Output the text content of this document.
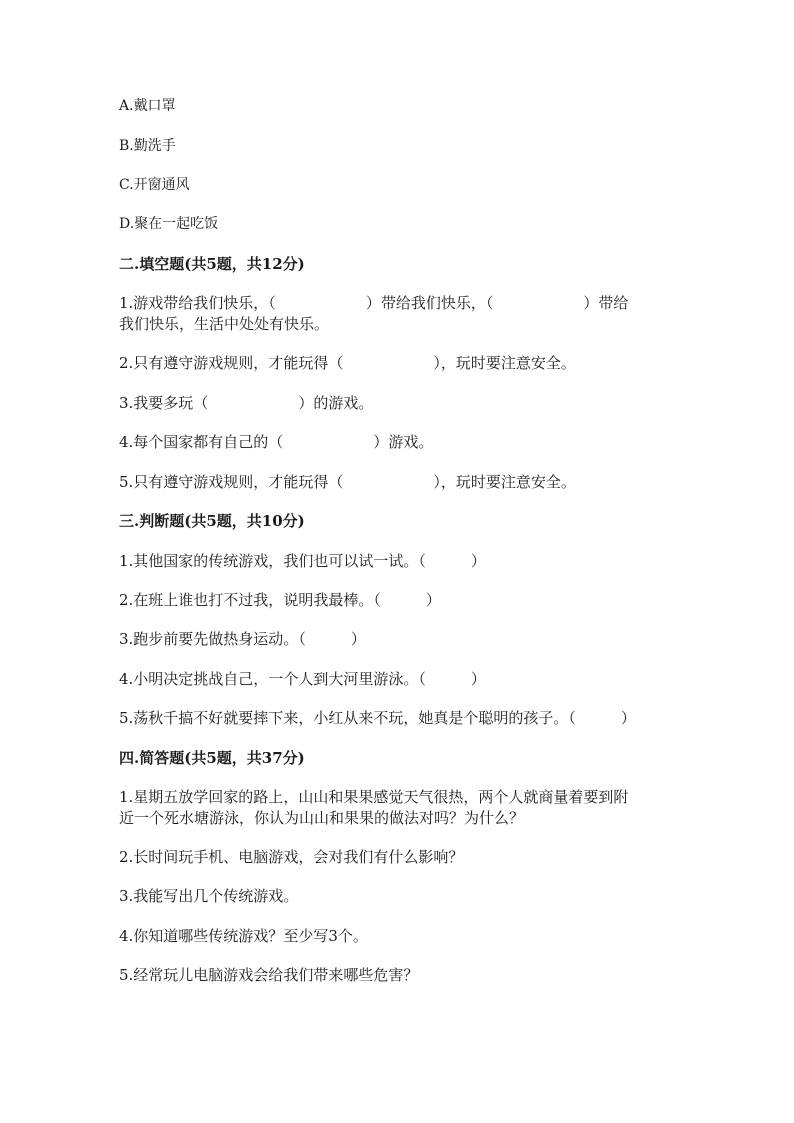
A.戴口罩
B.勤洗手
C.开窗通风
D.聚在一起吃饭
二.填空题(共5题，共12分)
1.游戏带给我们快乐，（　　　　　　）带给我们快乐，（　　　　　　）带给
我们快乐，生活中处处有快乐。
2.只有遵守游戏规则，才能玩得（　　　　　　），玩时要注意安全。
3.我要多玩（　　　　　　）的游戏。
4.每个国家都有自己的（　　　　　　）游戏。
5.只有遵守游戏规则，才能玩得（　　　　　　），玩时要注意安全。
三.判断题(共5题，共10分)
1.其他国家的传统游戏，我们也可以试一试。（　　　）
2.在班上谁也打不过我，说明我最棒。（　　　）
3.跑步前要先做热身运动。（　　　）
4.小明决定挑战自己，一个人到大河里游泳。（　　　）
5.荡秋千搞不好就要摔下来，小红从来不玩，她真是个聪明的孩子。（　　　）
四.简答题(共5题，共37分)
1.星期五放学回家的路上，山山和果果感觉天气很热，两个人就商量着要到附
近一个死水塘游泳，你认为山山和果果的做法对吗？为什么？
2.长时间玩手机、电脑游戏，会对我们有什么影响？
3.我能写出几个传统游戏。
4.你知道哪些传统游戏？至少写3个。
5.经常玩儿电脑游戏会给我们带来哪些危害？
